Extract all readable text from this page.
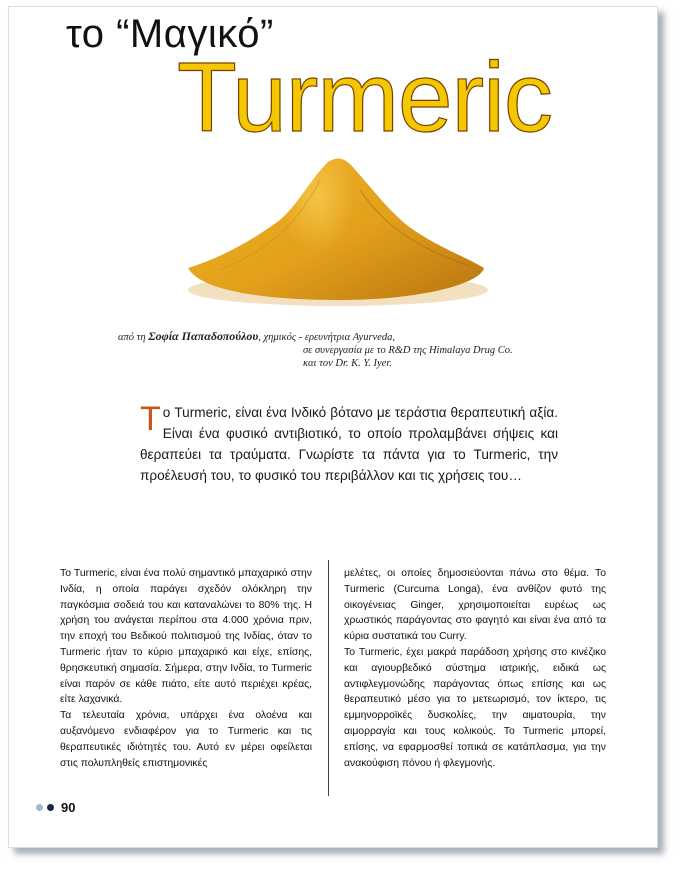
το “Μαγικό”
Turmeric
από τη Σοφία Παπαδοπούλου, χημικός - ερευνήτρια Ayurveda,
σε συνεργασία με το R&D της Himalaya Drug Co.
και τον Dr. K. Y. Iyer.
Το Turmeric, είναι ένα Ινδικό βότανο με τεράστια θεραπευτική αξία. Είναι ένα φυσικό αντιβιοτικό, το οποίο προλαμβάνει σήψεις και θεραπεύει τα τραύματα. Γνωρίστε τα πάντα για το Turmeric, την προέλευσή του, το φυσικό του περιβάλλον και τις χρήσεις του…

Το Turmeric, είναι ένα πολύ σημαντικό μπαχαρικό στην Ινδία, η οποία παράγει σχεδόν ολόκληρη την παγκόσμια σοδειά του και καταναλώνει το 80% της. Η χρήση του ανάγεται περίπου στα 4.000 χρόνια πριν, την εποχή του Βεδικού πολιτισμού της Ινδίας, όταν το Turmeric ήταν το κύριο μπαχαρικό και είχε, επίσης, θρησκευτική σημασία. Σήμερα, στην Ινδία, το Turmeric είναι παρόν σε κάθε πιάτο, είτε αυτό περιέχει κρέας, είτε λαχανικά.

Τα τελευταία χρόνια, υπάρχει ένα ολοένα και αυξανόμενο ενδιαφέρον για το Turmeric και τις θεραπευτικές ιδιότητές του. Αυτό εν μέρει οφείλεται στις πολυπληθείς επιστημονικές

μελέτες, οι οποίες δημοσιεύονται πάνω στο θέμα. Το Turmeric (Curcuma Longa), ένα ανθίζον φυτό της οικογένειας Ginger, χρησιμοποιείται ευρέως ως χρωστικός παράγοντας στο φαγητό και είναι ένα από τα κύρια συστατικά του Curry.

Το Turmeric, έχει μακρά παράδοση χρήσης στο κινέζικο και αγιουρβεδικό σύστημα ιατρικής, ειδικά ως αντιφλεγμονώδης παράγοντας όπως επίσης και ως θεραπευτικό μέσο για το μετεωρισμό, τον ίκτερο, τις εμμηνορροϊκές δυσκολίες, την αιματουρία, την αιμορραγία και τους κολικούς. Το Turmeric μπορεί, επίσης, να εφαρμοσθεί τοπικά σε κατάπλασμα, για την ανακούφιση πόνου ή φλεγμονής.

90
